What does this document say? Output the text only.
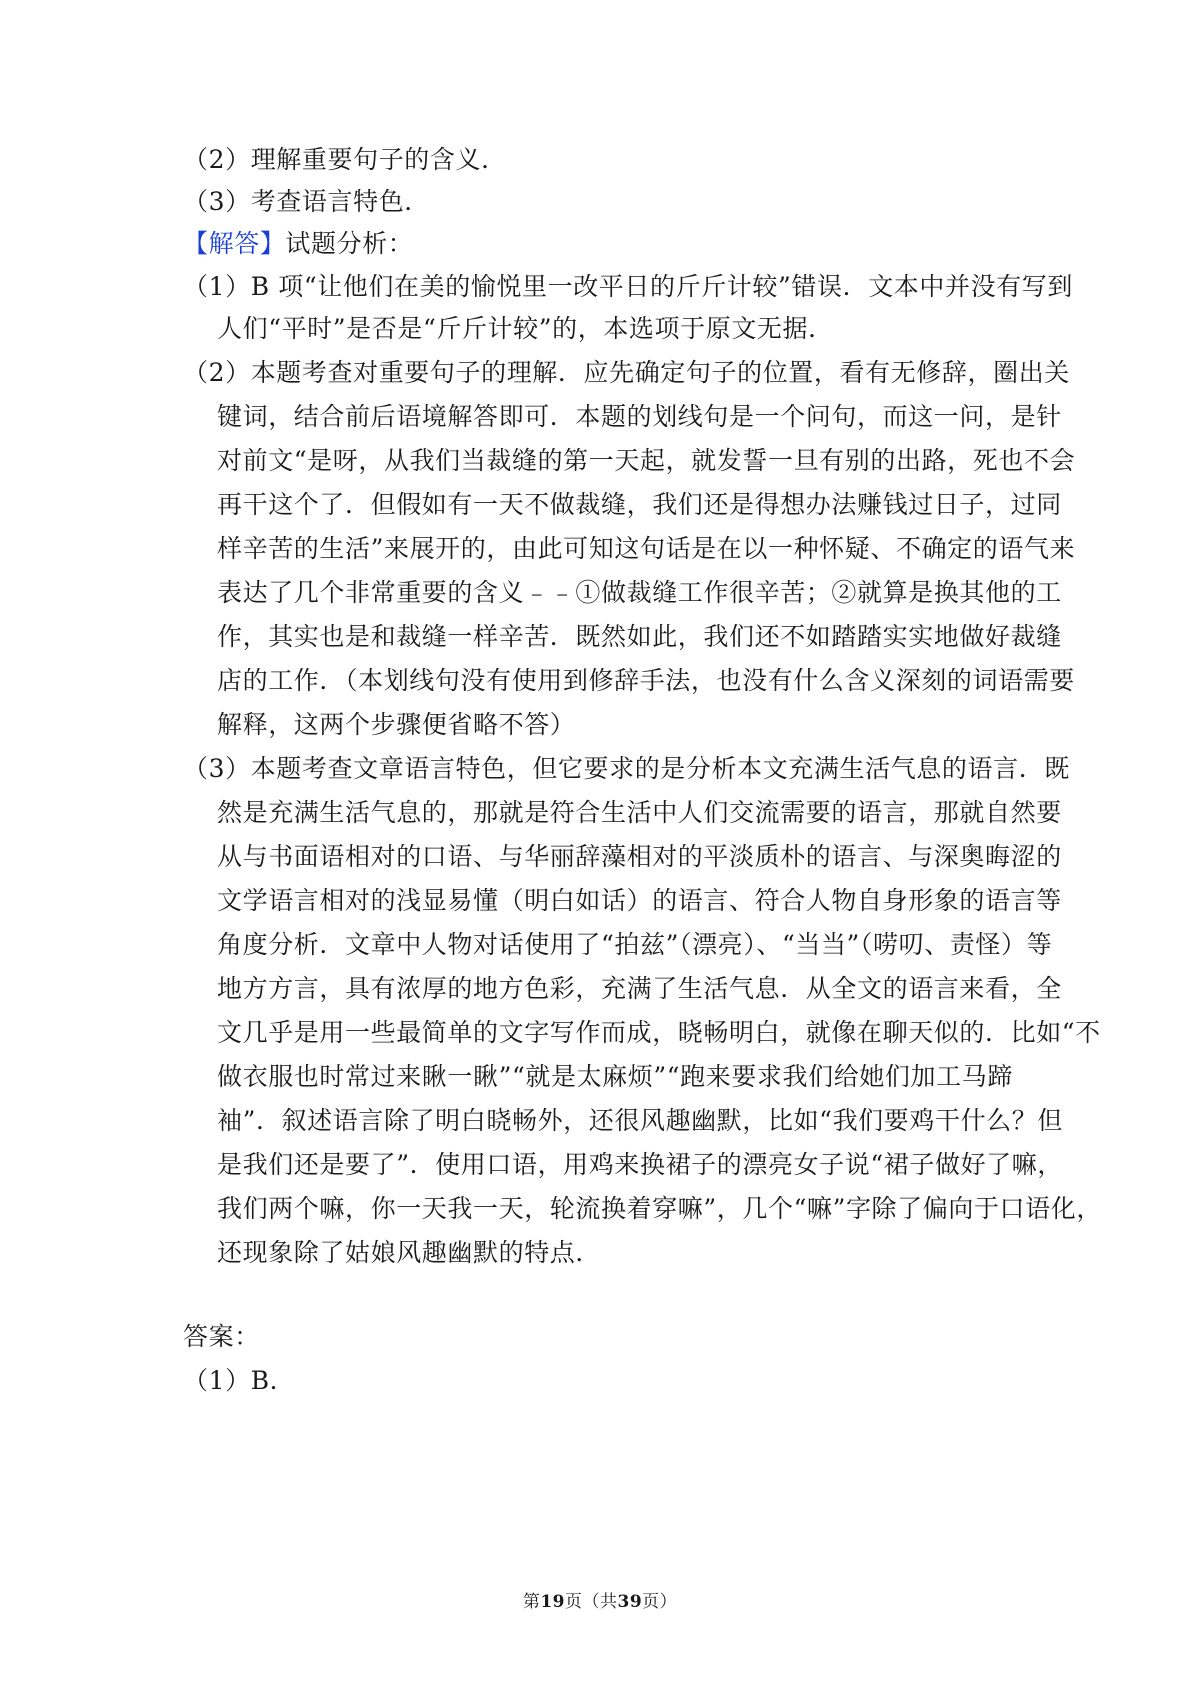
（2）理解重要句子的含义．
（3）考查语言特色．
【解答】试题分析：
（1）B 项“让他们在美的愉悦里一改平日的斤斤计较”错误．文本中并没有写到
人们“平时”是否是“斤斤计较”的，本选项于原文无据．
（2）本题考查对重要句子的理解．应先确定句子的位置，看有无修辞，圈出关
键词，结合前后语境解答即可．本题的划线句是一个问句，而这一问，是针
对前文“是呀，从我们当裁缝的第一天起，就发誓一旦有别的出路，死也不会
再干这个了．但假如有一天不做裁缝，我们还是得想办法赚钱过日子，过同
样辛苦的生活”来展开的，由此可知这句话是在以一种怀疑、不确定的语气来
表达了几个非常重要的含义﹣﹣①做裁缝工作很辛苦；②就算是换其他的工
作，其实也是和裁缝一样辛苦．既然如此，我们还不如踏踏实实地做好裁缝
店的工作．（本划线句没有使用到修辞手法，也没有什么含义深刻的词语需要
解释，这两个步骤便省略不答）
（3）本题考查文章语言特色，但它要求的是分析本文充满生活气息的语言．既
然是充满生活气息的，那就是符合生活中人们交流需要的语言，那就自然要
从与书面语相对的口语、与华丽辞藻相对的平淡质朴的语言、与深奥晦涩的
文学语言相对的浅显易懂（明白如话）的语言、符合人物自身形象的语言等
角度分析．文章中人物对话使用了“拍兹”（漂亮）、“当当”（唠叨、责怪）等
地方方言，具有浓厚的地方色彩，充满了生活气息．从全文的语言来看，全
文几乎是用一些最简单的文字写作而成，晓畅明白，就像在聊天似的．比如“不
做衣服也时常过来瞅一瞅”“就是太麻烦”“跑来要求我们给她们加工马蹄
袖”．叙述语言除了明白晓畅外，还很风趣幽默，比如“我们要鸡干什么？但
是我们还是要了”．使用口语，用鸡来换裙子的漂亮女子说“裙子做好了嘛，
我们两个嘛，你一天我一天，轮流换着穿嘛”，几个“嘛”字除了偏向于口语化，
还现象除了姑娘风趣幽默的特点．
答案：
（1）B．
第19页（共39页）
